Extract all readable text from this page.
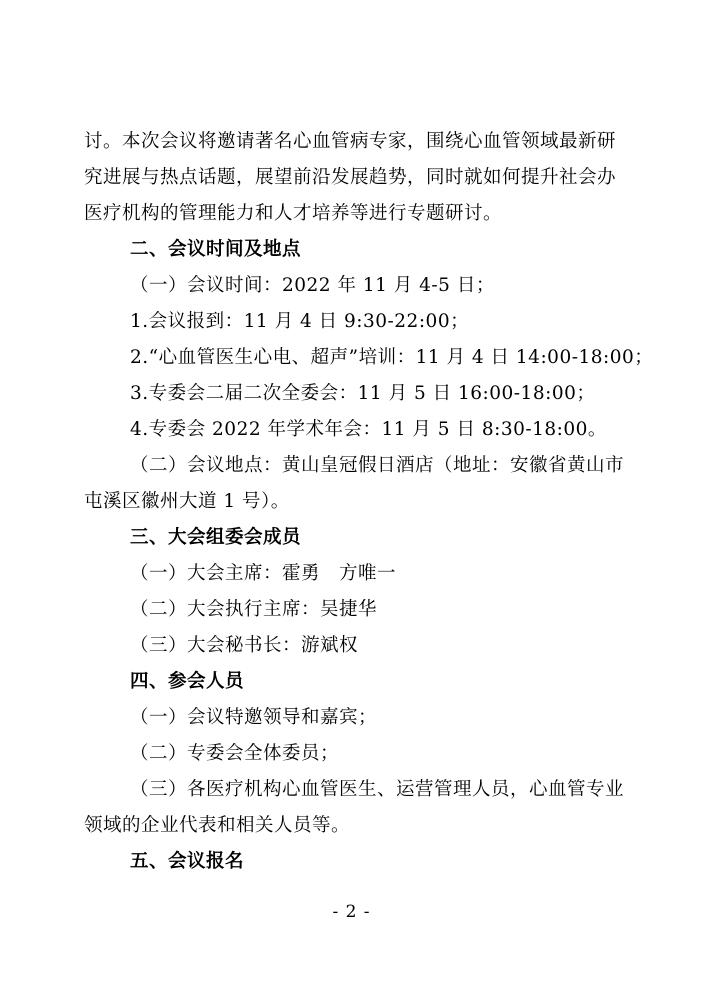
讨。本次会议将邀请著名心血管病专家，围绕心血管领域最新研
究进展与热点话题，展望前沿发展趋势，同时就如何提升社会办
医疗机构的管理能力和人才培养等进行专题研讨。
二、会议时间及地点
（一）会议时间：2022 年 11 月 4-5 日；
1.会议报到：11 月 4 日 9:30-22:00；
2.“心血管医生心电、超声”培训：11 月 4 日 14:00-18:00；
3.专委会二届二次全委会：11 月 5 日 16:00-18:00；
4.专委会 2022 年学术年会：11 月 5 日 8:30-18:00。
（二）会议地点：黄山皇冠假日酒店（地址：安徽省黄山市
屯溪区徽州大道 1 号）。
三、大会组委会成员
（一）大会主席：霍勇　方唯一
（二）大会执行主席：吴捷华
（三）大会秘书长：游斌权
四、参会人员
（一）会议特邀领导和嘉宾；
（二）专委会全体委员；
（三）各医疗机构心血管医生、运营管理人员，心血管专业
领域的企业代表和相关人员等。
五、会议报名
- 2 -
